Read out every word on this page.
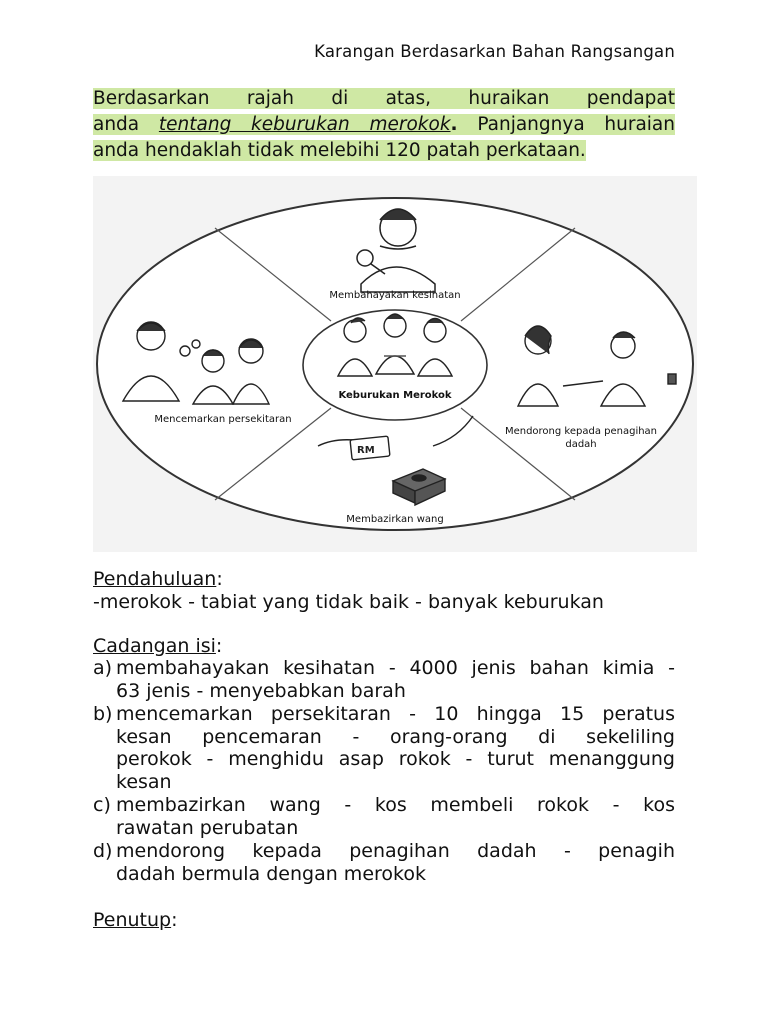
Karangan Berdasarkan Bahan Rangsangan
Berdasarkan rajah di atas, huraikan pendapat
anda tentang keburukan merokok. Panjangnya huraian
anda hendaklah tidak melebihi 120 patah perkataan.
RM
Keburukan Merokok
Membahayakan kesihatan
Mencemarkan persekitaran
Mendorong kepada penagihan
dadah
Membazirkan wang
Pendahuluan:
-merokok - tabiat yang tidak baik - banyak keburukan
Cadangan isi:
a) membahayakan kesihatan - 4000 jenis bahan kimia -
63 jenis - menyebabkan barah
b) mencemarkan persekitaran - 10 hingga 15 peratus
kesan pencemaran - orang-orang di sekeliling
perokok - menghidu asap rokok - turut menanggung
kesan
c) membazirkan wang - kos membeli rokok - kos
rawatan perubatan
d) mendorong kepada penagihan dadah - penagih
dadah bermula dengan merokok
Penutup:
